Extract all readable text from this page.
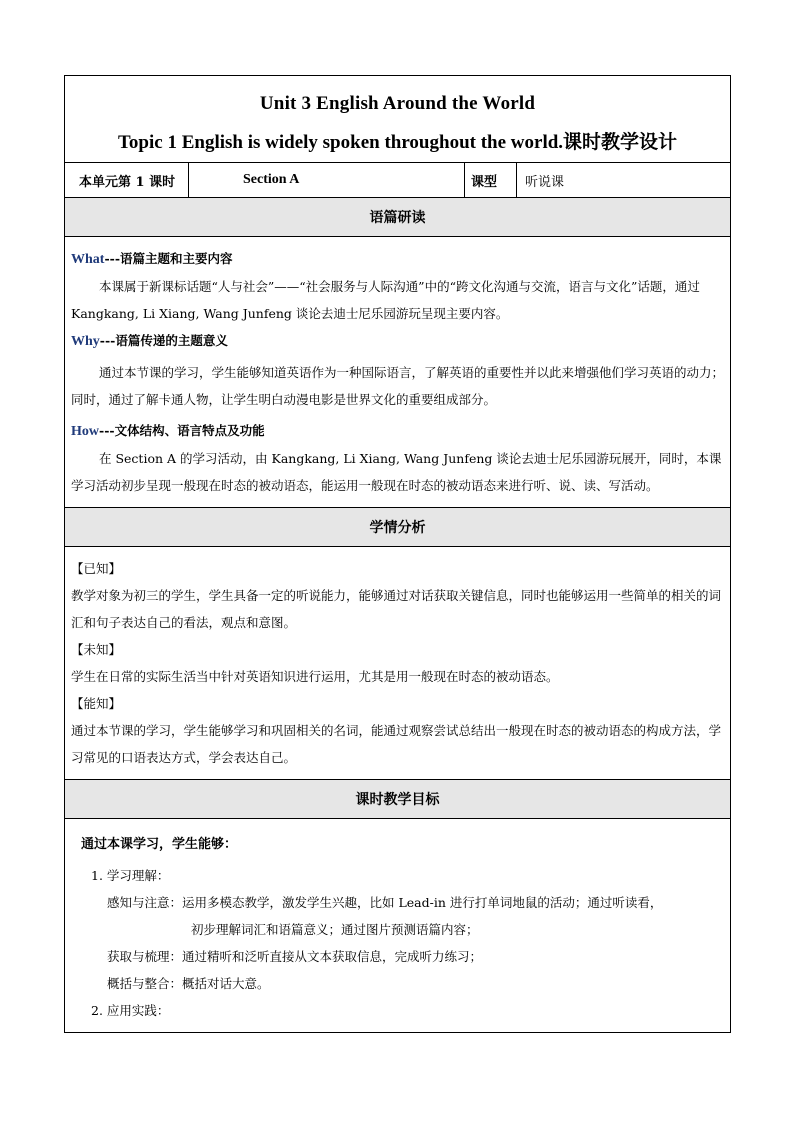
Unit 3 English Around the World
Topic 1 English is widely spoken throughout the world.课时教学设计

本单元第 1 课时	Section A	课型	听说课
语篇研读

What---语篇主题和主要内容

本课属于新课标话题“人与社会”——“社会服务与人际沟通”中的“跨文化沟通与交流，语言与文化”话题，通过 Kangkang, Li Xiang, Wang Junfeng 谈论去迪士尼乐园游玩呈现主要内容。

Why---语篇传递的主题意义

通过本节课的学习，学生能够知道英语作为一种国际语言，了解英语的重要性并以此来增强他们学习英语的动力；同时，通过了解卡通人物，让学生明白动漫电影是世界文化的重要组成部分。

How---文体结构、语言特点及功能

在 Section A 的学习活动，由 Kangkang, Li Xiang, Wang Junfeng 谈论去迪士尼乐园游玩展开，同时，本课学习活动初步呈现一般现在时态的被动语态，能运用一般现在时态的被动语态来进行听、说、读、写活动。

学情分析

【已知】

教学对象为初三的学生，学生具备一定的听说能力，能够通过对话获取关键信息，同时也能够运用一些简单的相关的词汇和句子表达自己的看法，观点和意图。

【未知】

学生在日常的实际生活当中针对英语知识进行运用，尤其是用一般现在时态的被动语态。

【能知】

通过本节课的学习，学生能够学习和巩固相关的名词，能通过观察尝试总结出一般现在时态的被动语态的构成方法，学习常见的口语表达方式，学会表达自己。

课时教学目标

通过本课学习，学生能够：

1. 学习理解：

感知与注意：运用多模态教学，激发学生兴趣，比如 Lead-in 进行打单词地鼠的活动；通过听读看，

初步理解词汇和语篇意义；通过图片预测语篇内容；

获取与梳理：通过精听和泛听直接从文本获取信息，完成听力练习；

概括与整合：概括对话大意。

2. 应用实践：
